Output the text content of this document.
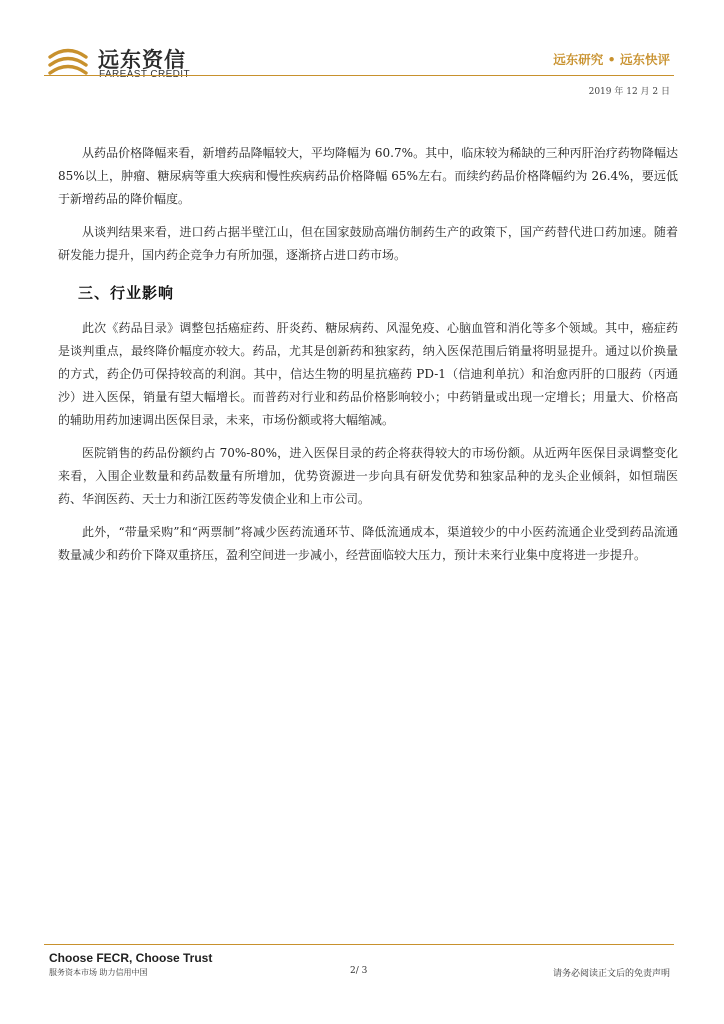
远东资信	远东研究 • 远东快评
2019 年 12 月 2 日

从药品价格降幅来看，新增药品降幅较大，平均降幅为 60.7%。其中，临床较为稀缺的三种丙肝治疗药物降幅达 85%以上，肿瘤、糖尿病等重大疾病和慢性疾病药品价格降幅 65%左右。而续约药品价格降幅约为 26.4%，要远低于新增药品的降价幅度。

从谈判结果来看，进口药占据半壁江山，但在国家鼓励高端仿制药生产的政策下，国产药替代进口药加速。随着研发能力提升，国内药企竞争力有所加强，逐渐挤占进口药市场。

三、行业影响

此次《药品目录》调整包括癌症药、肝炎药、糖尿病药、风湿免疫、心脑血管和消化等多个领域。其中，癌症药是谈判重点，最终降价幅度亦较大。药品，尤其是创新药和独家药，纳入医保范围后销量将明显提升。通过以价换量的方式，药企仍可保持较高的利润。其中，信达生物的明星抗癌药 PD-1（信迪利单抗）和治愈丙肝的口服药（丙通沙）进入医保，销量有望大幅增长。而普药对行业和药品价格影响较小；中药销量或出现一定增长；用量大、价格高的辅助用药加速调出医保目录，未来，市场份额或将大幅缩减。

医院销售的药品份额约占 70%-80%，进入医保目录的药企将获得较大的市场份额。从近两年医保目录调整变化来看，入围企业数量和药品数量有所增加，优势资源进一步向具有研发优势和独家品种的龙头企业倾斜，如恒瑞医药、华润医药、天士力和浙江医药等发债企业和上市公司。

此外，“带量采购”和“两票制”将减少医药流通环节、降低流通成本，渠道较少的中小医药流通企业受到药品流通数量减少和药价下降双重挤压，盈利空间进一步减小，经营面临较大压力，预计未来行业集中度将进一步提升。

Choose FECR, Choose Trust
服务资本市场 助力信用中国	2/ 3	请务必阅读正文后的免责声明
